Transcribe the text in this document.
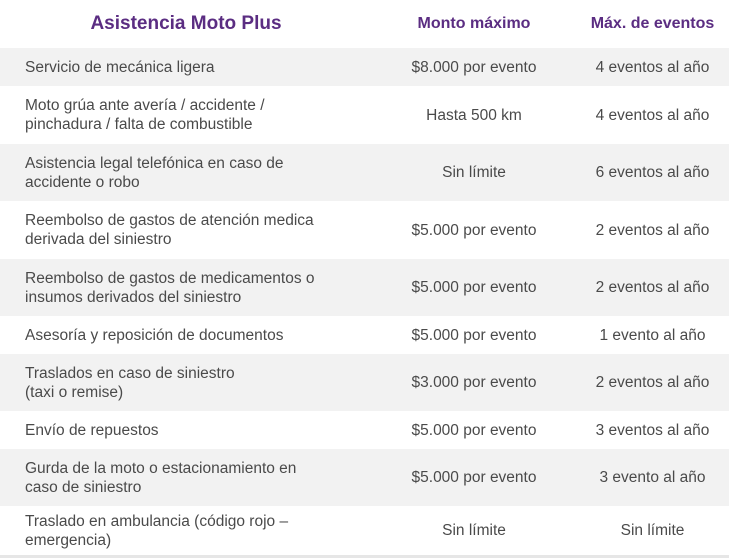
Asistencia Moto Plus	Monto máximo	Máx. de eventos
Servicio de mecánica ligera	$8.000 por evento	4 eventos al año
Moto grúa ante avería / accidente /
pinchadura / falta de combustible
Hasta 500 km	4 eventos al año
Asistencia legal telefónica en caso de
accidente o robo
Sin límite	6 eventos al año
Reembolso de gastos de atención medica
derivada del siniestro
$5.000 por evento	2 eventos al año
Reembolso de gastos de medicamentos o
insumos derivados del siniestro
$5.000 por evento	2 eventos al año
Asesoría y reposición de documentos	$5.000 por evento	1 evento al año
Traslados en caso de siniestro
(taxi o remise)
$3.000 por evento	2 eventos al año
Envío de repuestos	$5.000 por evento	3 eventos al año
Gurda de la moto o estacionamiento en
caso de siniestro
$5.000 por evento	3 evento al año
Traslado en ambulancia (código rojo –
emergencia)
Sin límite	Sin límite
